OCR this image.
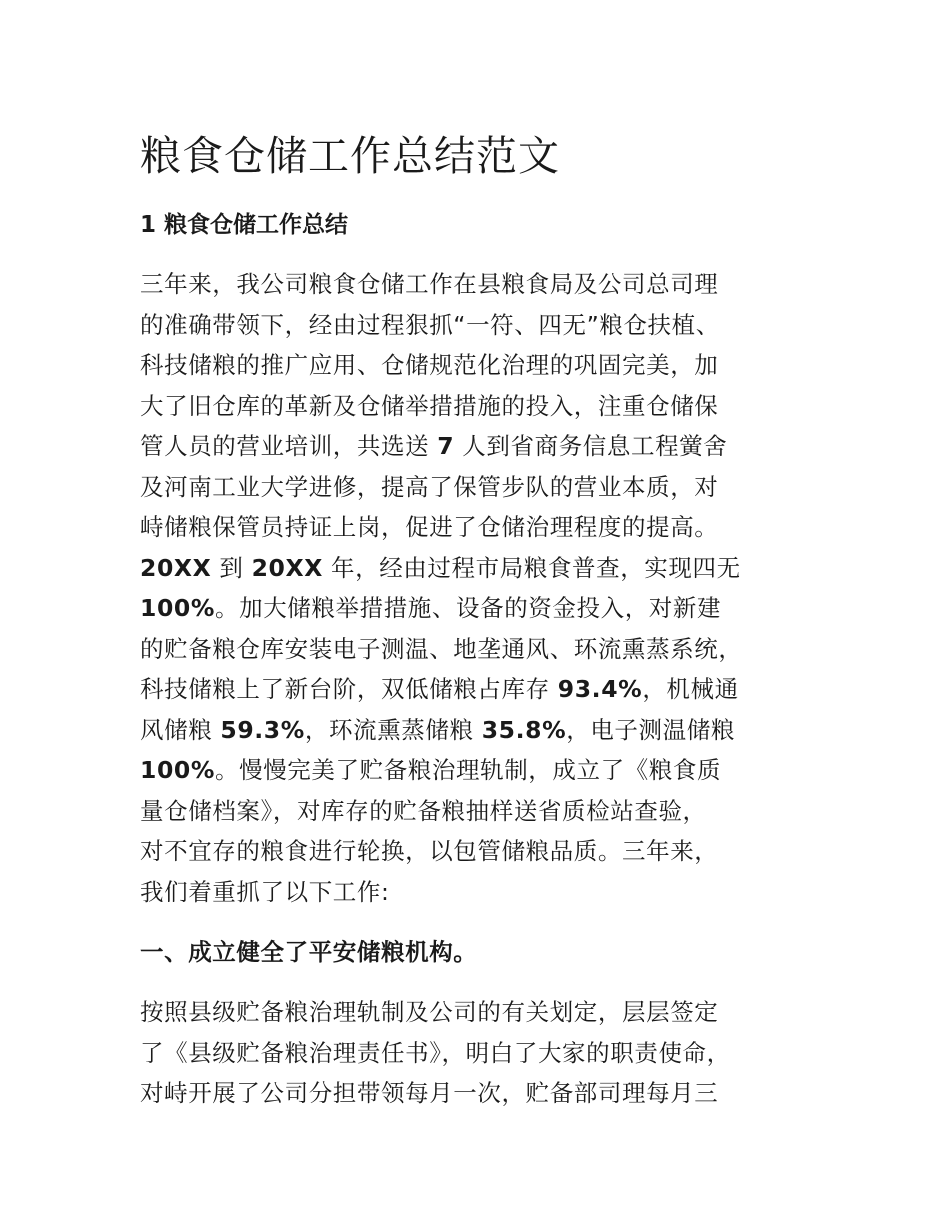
粮食仓储工作总结范文
1 粮食仓储工作总结
三年来，我公司粮食仓储工作在县粮食局及公司总司理
的准确带领下，经由过程狠抓“一符、四无”粮仓扶植、
科技储粮的推广应用、仓储规范化治理的巩固完美，加
大了旧仓库的革新及仓储举措措施的投入，注重仓储保
管人员的营业培训，共选送 7 人到省商务信息工程黉舍
及河南工业大学进修，提高了保管步队的营业本质，对
峙储粮保管员持证上岗，促进了仓储治理程度的提高。
20XX 到 20XX 年，经由过程市局粮食普查，实现四无
100%。加大储粮举措措施、设备的资金投入，对新建
的贮备粮仓库安装电子测温、地垄通风、环流熏蒸系统，
科技储粮上了新台阶，双低储粮占库存 93.4%，机械通
风储粮 59.3%，环流熏蒸储粮 35.8%，电子测温储粮
100%。慢慢完美了贮备粮治理轨制，成立了《粮食质
量仓储档案》，对库存的贮备粮抽样送省质检站查验，
对不宜存的粮食进行轮换，以包管储粮品质。三年来，
我们着重抓了以下工作:
一、成立健全了平安储粮机构。
按照县级贮备粮治理轨制及公司的有关划定，层层签定
了《县级贮备粮治理责任书》，明白了大家的职责使命，
对峙开展了公司分担带领每月一次，贮备部司理每月三
